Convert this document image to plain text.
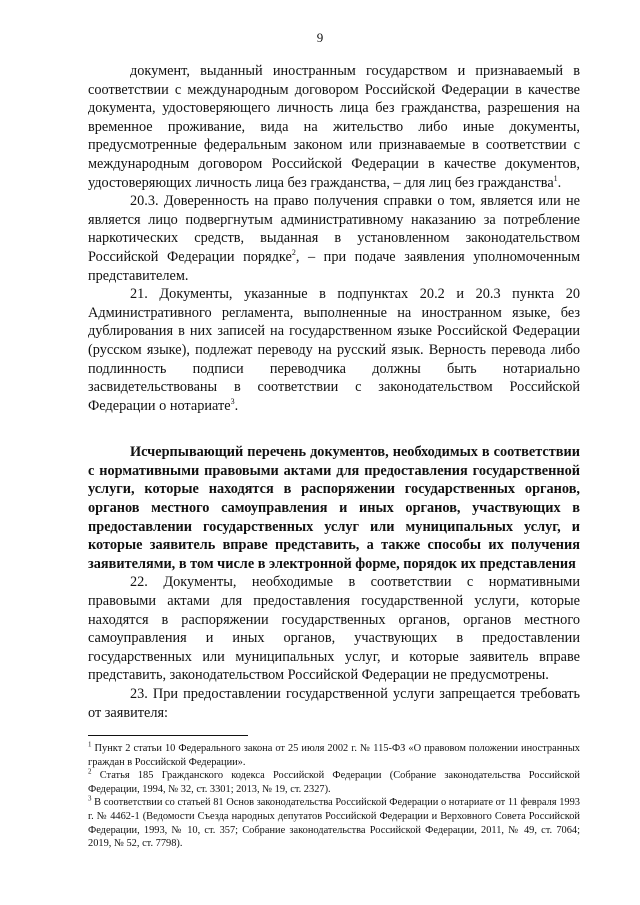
9

документ, выданный иностранным государством и признаваемый в соответствии с международным договором Российской Федерации в качестве документа, удостоверяющего личность лица без гражданства, разрешения на временное проживание, вида на жительство либо иные документы, предусмотренные федеральным законом или признаваемые в соответствии с международным договором Российской Федерации в качестве документов, удостоверяющих личность лица без гражданства, – для лиц без гражданства$^1$.

20.3. Доверенность на право получения справки о том, является или не является лицо подвергнутым административному наказанию за потребление наркотических средств, выданная в установленном законодательством Российской Федерации порядке$^2$, – при подаче заявления уполномоченным представителем.

21. Документы, указанные в подпунктах 20.2 и 20.3 пункта 20 Административного регламента, выполненные на иностранном языке, без дублирования в них записей на государственном языке Российской Федерации (русском языке), подлежат переводу на русский язык. Верность перевода либо подлинность подписи переводчика должны быть нотариально засвидетельствованы в соответствии с законодательством Российской Федерации о нотариате$^3$.

Исчерпывающий перечень документов, необходимых в соответствии с нормативными правовыми актами для предоставления государственной услуги, которые находятся в распоряжении государственных органов, органов местного самоуправления и иных органов, участвующих в предоставлении государственных услуг или муниципальных услуг, и которые заявитель вправе представить, а также способы их получения заявителями, в том числе в электронной форме, порядок их представления

22. Документы, необходимые в соответствии с нормативными правовыми актами для предоставления государственной услуги, которые находятся в распоряжении государственных органов, органов местного самоуправления и иных органов, участвующих в предоставлении государственных или муниципальных услуг, и которые заявитель вправе представить, законодательством Российской Федерации не предусмотрены.

23. При предоставлении государственной услуги запрещается требовать от заявителя:

$^1$ Пункт 2 статьи 10 Федерального закона от 25 июля 2002 г. № 115-ФЗ «О правовом положении иностранных граждан в Российской Федерации».

$^2$ Статья 185 Гражданского кодекса Российской Федерации (Собрание законодательства Российской Федерации, 1994, № 32, ст. 3301; 2013, № 19, ст. 2327).

$^3$ В соответствии со статьей 81 Основ законодательства Российской Федерации о нотариате от 11 февраля 1993 г. № 4462-1 (Ведомости Съезда народных депутатов Российской Федерации и Верховного Совета Российской Федерации, 1993, № 10, ст. 357; Собрание законодательства Российской Федерации, 2011, № 49, ст. 7064; 2019, № 52, ст. 7798).
